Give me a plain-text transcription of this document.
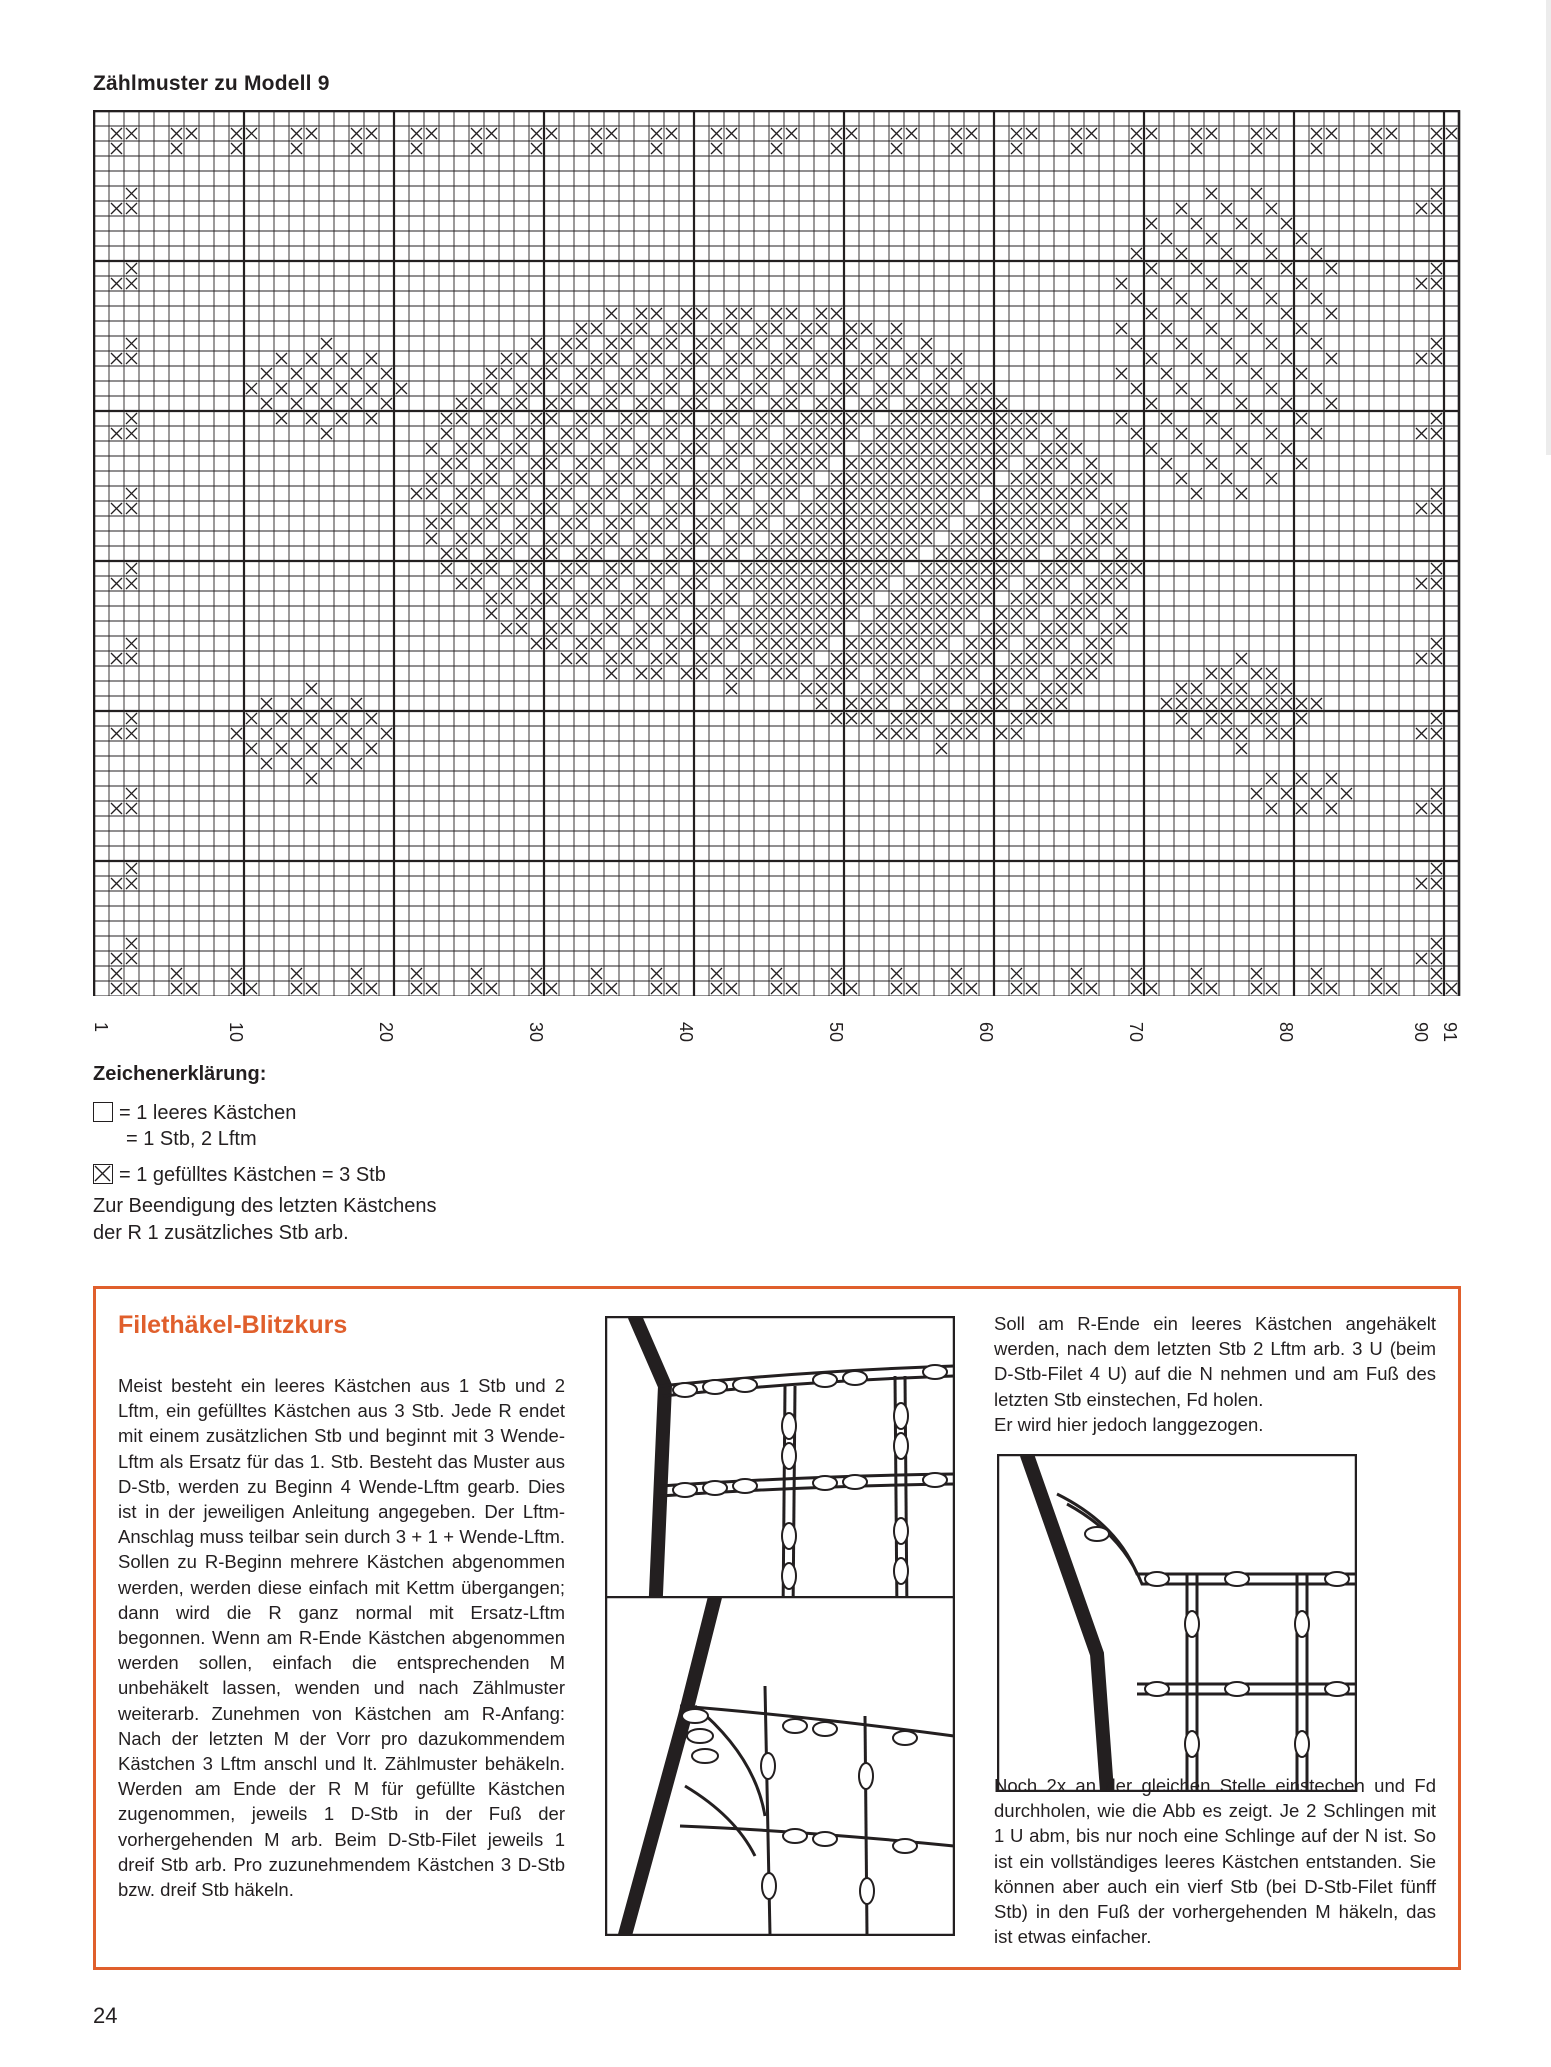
Zählmuster zu Modell 9
1	10	20	30	40	50	60	70	80	90 91
Zeichenerklärung:
= 1 leeres Kästchen
= 1 Stb, 2 Lftm
= 1 gefülltes Kästchen = 3 Stb
Zur Beendigung des letzten Kästchens der R 1 zusätzliches Stb arb.
Filethäkel-Blitzkurs

Meist besteht ein leeres Kästchen aus 1 Stb und 2 Lftm, ein gefülltes Kästchen aus 3 Stb. Jede R endet mit einem zusätzlichen Stb und beginnt mit 3 Wende-Lftm als Ersatz für das 1. Stb. Besteht das Muster aus D-Stb, werden zu Beginn 4 Wende-Lftm gearb. Dies ist in der jeweiligen Anleitung angegeben. Der Lftm-Anschlag muss teilbar sein durch 3 + 1 + Wende-Lftm. Sollen zu R-Beginn mehrere Kästchen abgenommen werden, werden diese einfach mit Kettm übergangen; dann wird die R ganz normal mit Ersatz-Lftm begonnen. Wenn am R-Ende Kästchen abgenommen werden sollen, einfach die entsprechenden M unbehäkelt lassen, wenden und nach Zählmuster weiterarb. Zunehmen von Kästchen am R-Anfang: Nach der letzten M der Vorr pro dazukommendem Kästchen 3 Lftm anschl und lt. Zählmuster behäkeln. Werden am Ende der R M für gefüllte Kästchen zugenommen, jeweils 1 D-Stb in der Fuß der vorhergehenden M arb. Beim D-Stb-Filet jeweils 1 dreif Stb arb. Pro zuzunehmendem Kästchen 3 D-Stb bzw. dreif Stb häkeln.

Soll am R-Ende ein leeres Kästchen angehäkelt werden, nach dem letzten Stb 2 Lftm arb. 3 U (beim D-Stb-Filet 4 U) auf die N nehmen und am Fuß des letzten Stb einstechen, Fd holen.

Er wird hier jedoch langgezogen.

Noch 2x an der gleichen Stelle einstechen und Fd durchholen, wie die Abb es zeigt. Je 2 Schlingen mit 1 U abm, bis nur noch eine Schlinge auf der N ist. So ist ein vollständiges leeres Kästchen entstanden. Sie können aber auch ein vierf Stb (bei D-Stb-Filet fünff Stb) in den Fuß der vorhergehenden M häkeln, das ist etwas einfacher.

24
